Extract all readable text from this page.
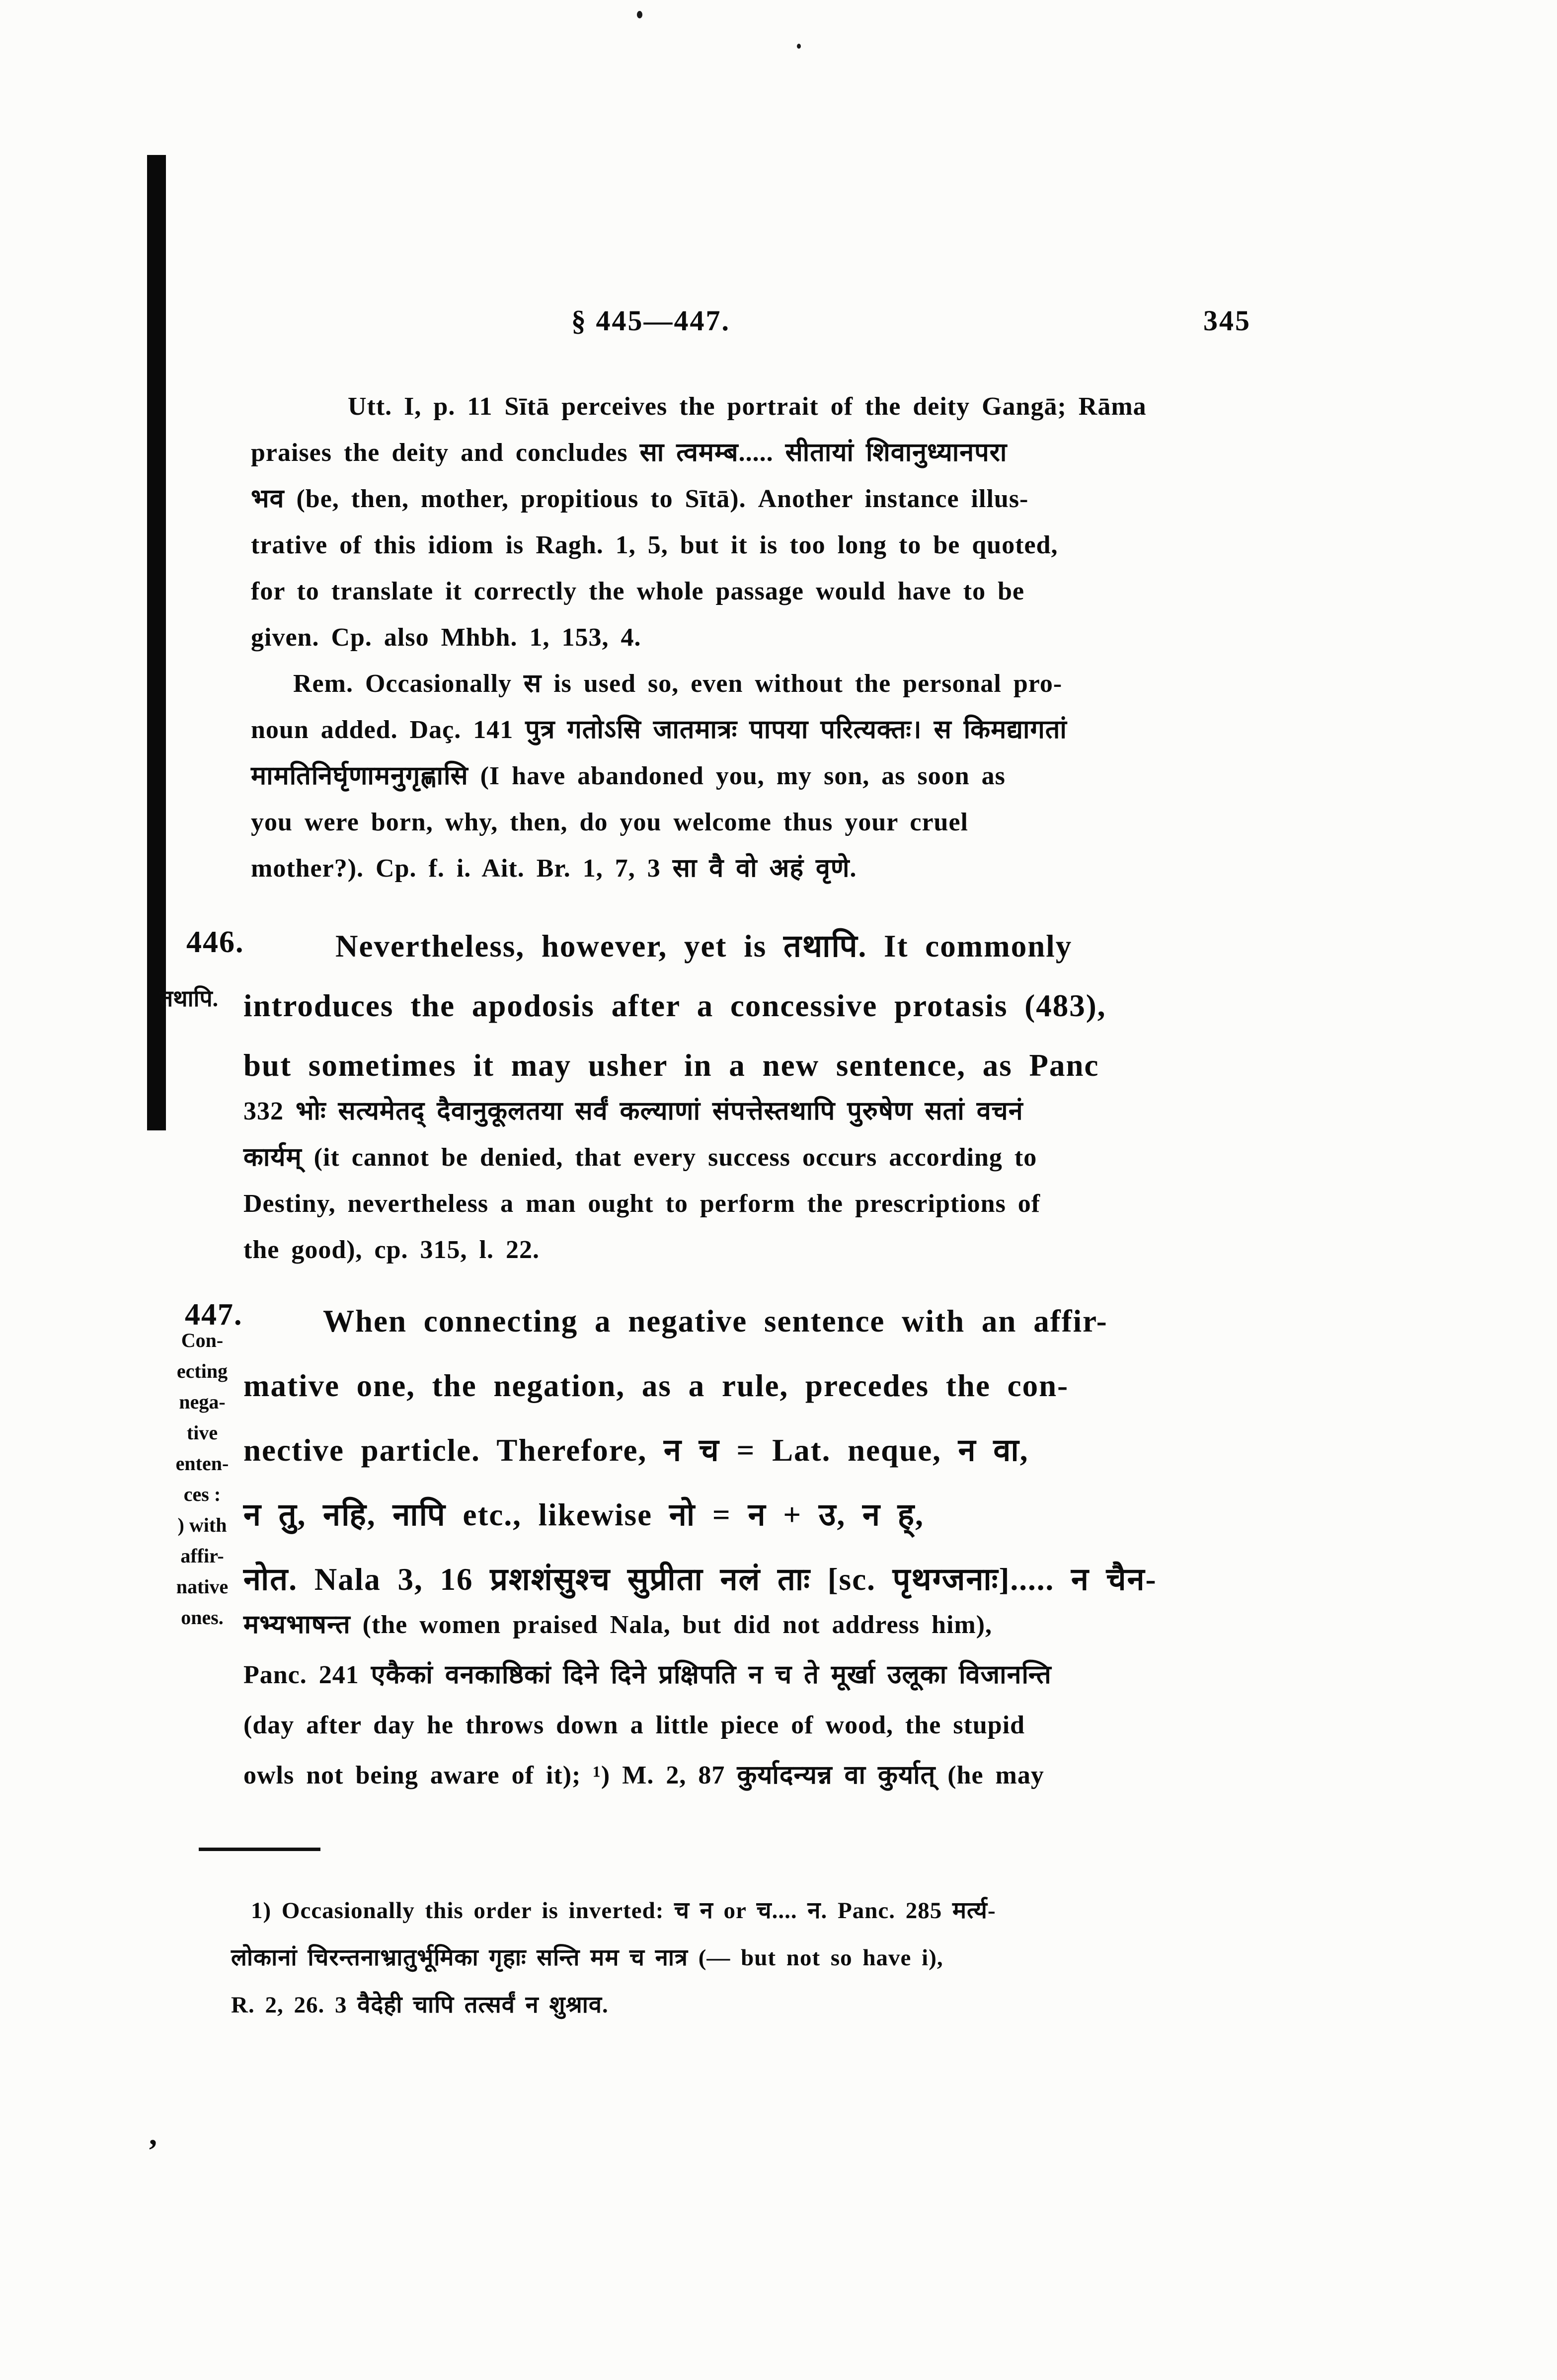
§ 445—447.	345
Utt. I, p. 11 Sītā perceives the portrait of the deity Gangā; Rāma
praises the deity and concludes सा त्वमम्ब..... सीतायां शिवानुध्यानपरा
भव (be, then, mother, propitious to Sītā). Another instance illus-
trative of this idiom is Ragh. 1, 5, but it is too long to be quoted,
for to translate it correctly the whole passage would have to be
given. Cp. also Mhbh. 1, 153, 4.
Rem. Occasionally स is used so, even without the personal pro-
noun added. Daç. 141 पुत्र गतोऽसि जातमात्रः पापया परित्यक्तः। स किमद्यागतां
मामतिनिर्घृणामनुगृह्णासि (I have abandoned you, my son, as soon as
you were born, why, then, do you welcome thus your cruel
mother?). Cp. f. i. Ait. Br. 1, 7, 3 सा वै वो अहं वृणे.
446.
तथापि.
Nevertheless, however, yet is तथापि. It commonly
introduces the apodosis after a concessive protasis (483),
but sometimes it may usher in a new sentence, as Panc
332 भोः सत्यमेतद् दैवानुकूलतया सर्वं कल्याणां संपत्तेस्तथापि पुरुषेण सतां वचनं
कार्यम् (it cannot be denied, that every success occurs according to
Destiny, nevertheless a man ought to perform the prescriptions of
the good), cp. 315, l. 22.
447.
Con-
ecting
nega-
tive
enten-
ces :
) with
affir-
native
ones.
When connecting a negative sentence with an affir-
mative one, the negation, as a rule, precedes the con-
nective particle. Therefore, न च = Lat. neque, न वा,
न तु, नहि, नापि etc., likewise नो = न + उ, न ह्,
नोत. Nala 3, 16 प्रशशंसुश्च सुप्रीता नलं ताः [sc. पृथग्जनाः]..... न चैन-
मभ्यभाषन्त (the women praised Nala, but did not address him),
Panc. 241 एकैकां वनकाष्ठिकां दिने दिने प्रक्षिपति न च ते मूर्खा उलूका विजानन्ति
(day after day he throws down a little piece of wood, the stupid
owls not being aware of it); ¹) M. 2, 87 कुर्यादन्यन्न वा कुर्यात् (he may
1) Occasionally this order is inverted: च न or च.... न. Panc. 285 मर्त्य-
लोकानां चिरन्तनाभ्रातुर्भूमिका गृहाः सन्ति मम च नात्र (— but not so have i),
R. 2, 26. 3 वैदेही चापि तत्सर्वं न शुश्राव.
,
